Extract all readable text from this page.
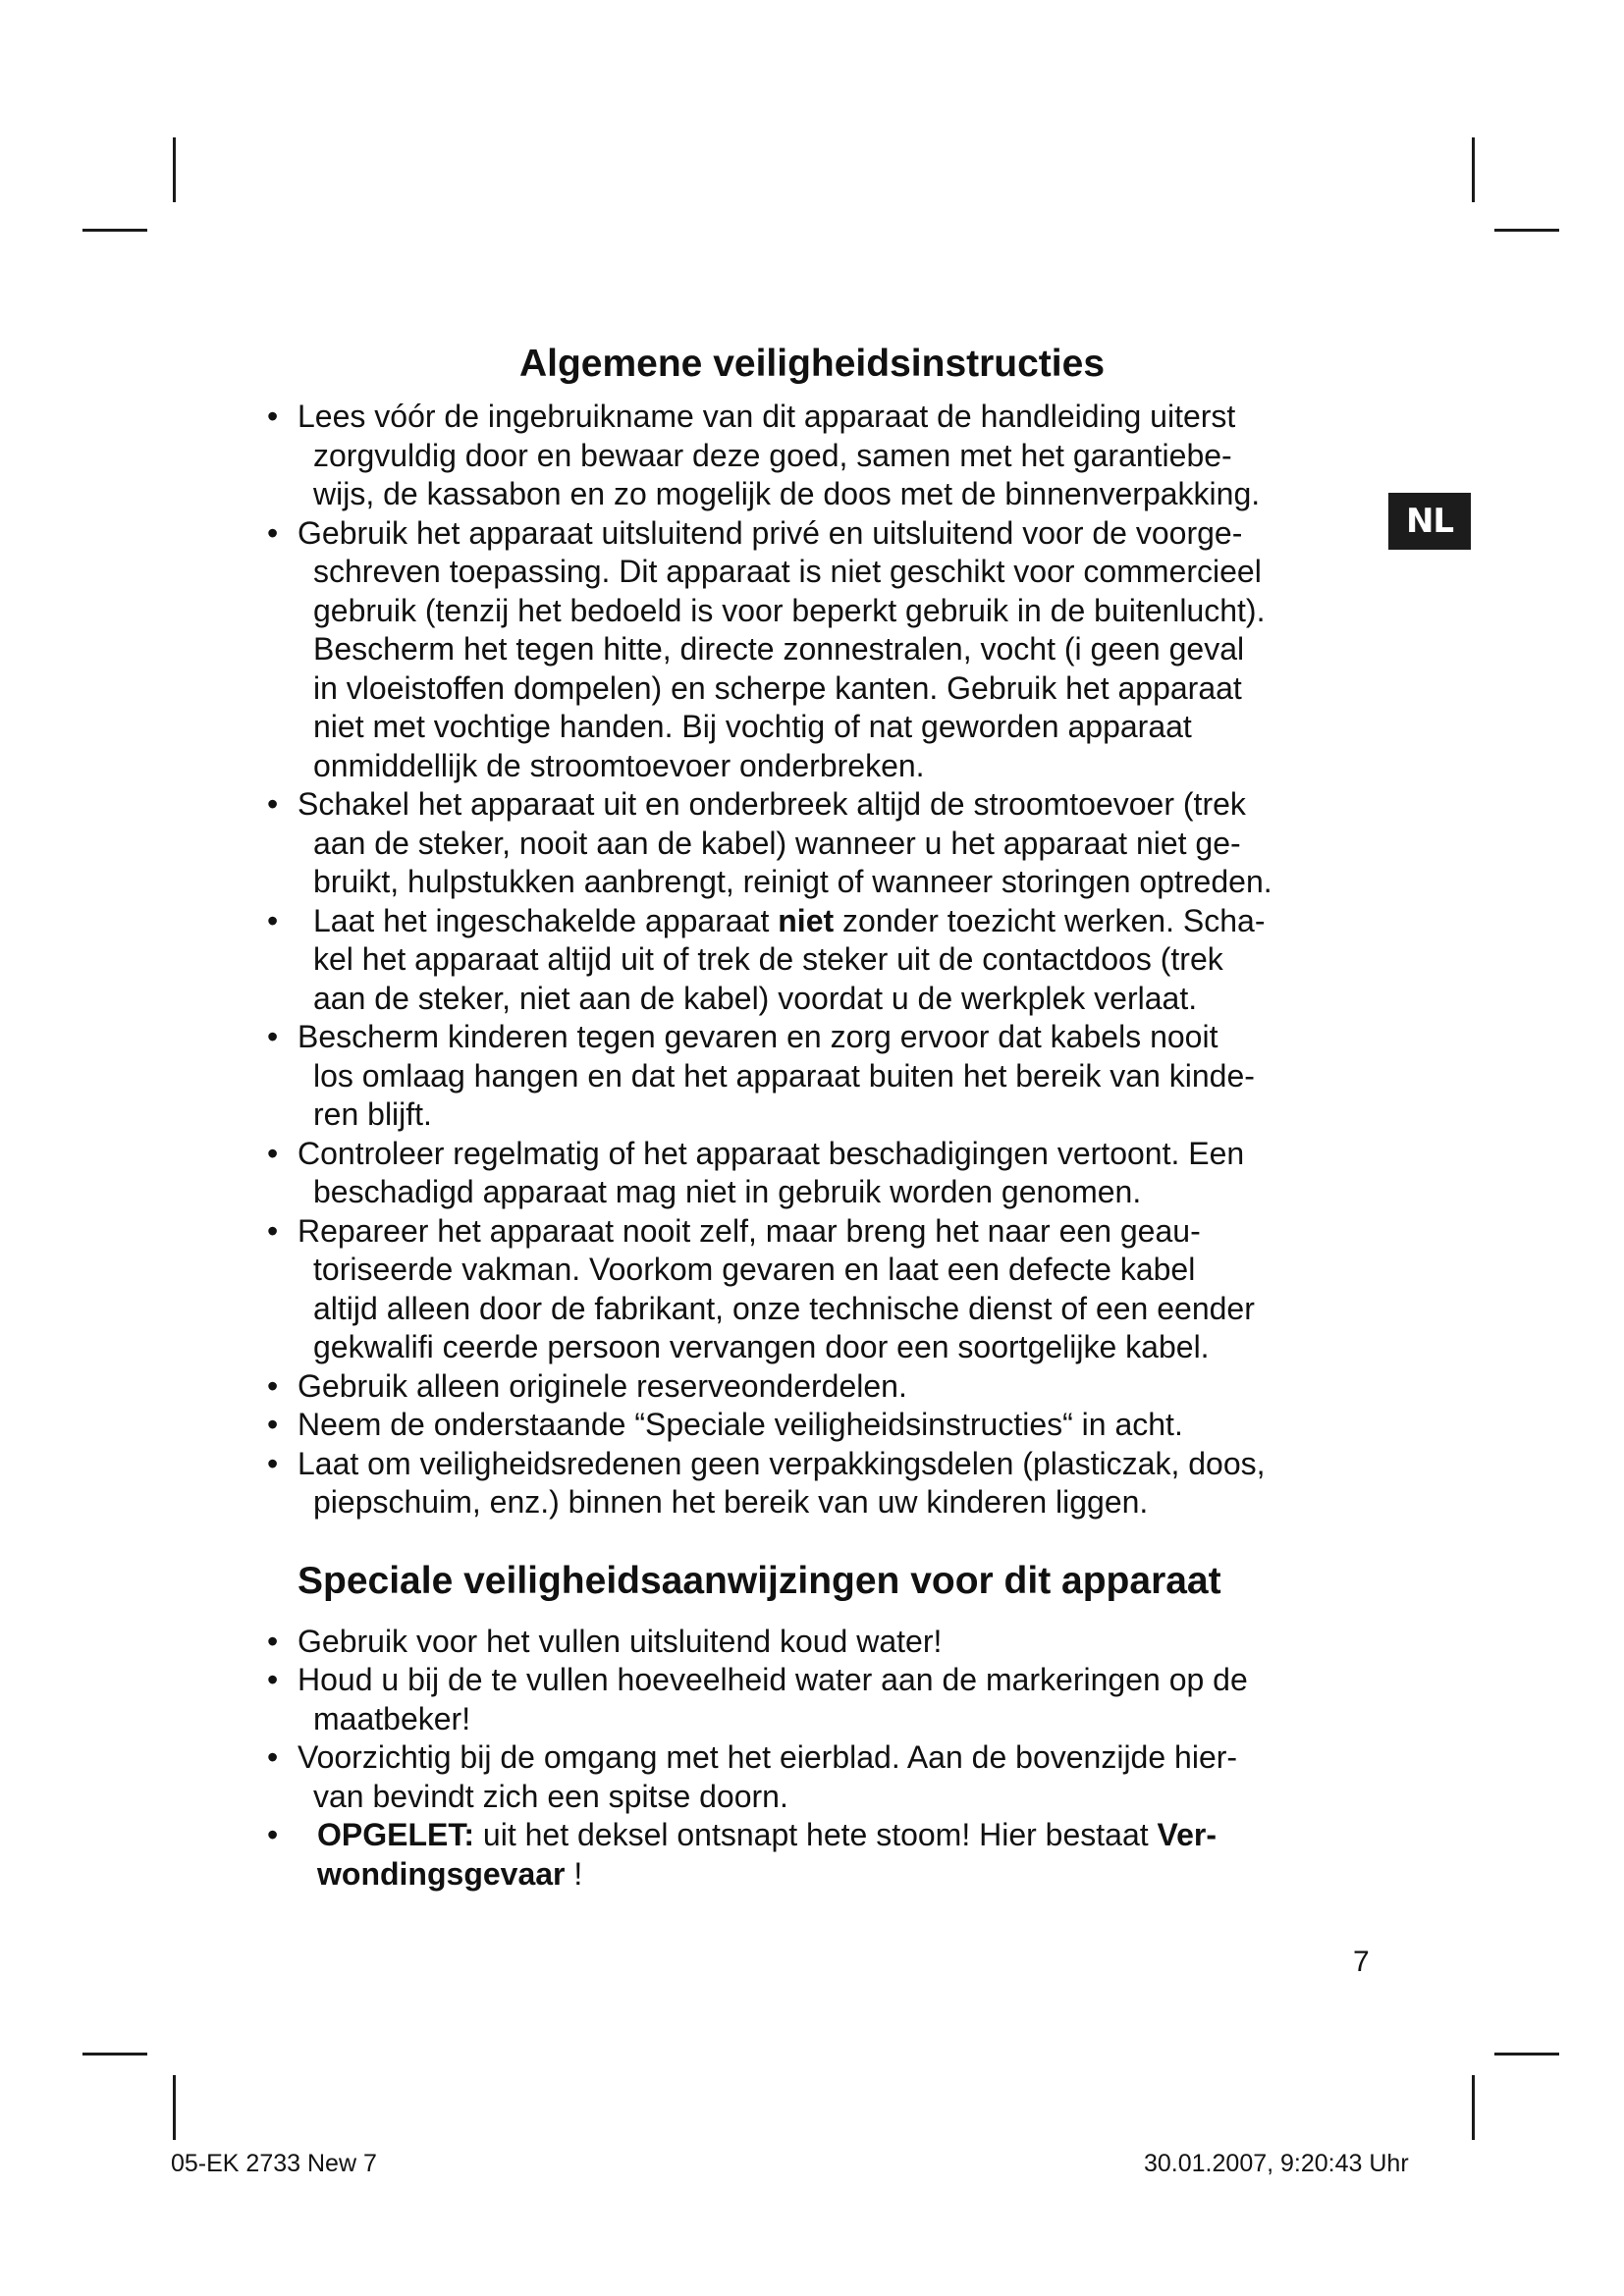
NL
Algemene veiligheidsinstructies
• Lees vóór de ingebruikname van dit apparaat de handleiding uiterst
zorgvuldig door en bewaar deze goed, samen met het garantiebe-
wijs, de kassabon en zo mogelijk de doos met de binnenverpakking.
• Gebruik het apparaat uitsluitend privé en uitsluitend voor de voorge-
schreven toepassing. Dit apparaat is niet geschikt voor commercieel
gebruik (tenzij het bedoeld is voor beperkt gebruik in de buitenlucht).
Bescherm het tegen hitte, directe zonnestralen, vocht (i geen geval
in vloeistoffen dompelen) en scherpe kanten. Gebruik het apparaat
niet met vochtige handen. Bij vochtig of nat geworden apparaat
onmiddellijk de stroomtoevoer onderbreken.
• Schakel het apparaat uit en onderbreek altijd de stroomtoevoer (trek
aan de steker, nooit aan de kabel) wanneer u het apparaat niet ge-
bruikt, hulpstukken aanbrengt, reinigt of wanneer storingen optreden.
• Laat het ingeschakelde apparaat niet zonder toezicht werken. Scha-
kel het apparaat altijd uit of trek de steker uit de contactdoos (trek
aan de steker, niet aan de kabel) voordat u de werkplek verlaat.
• Bescherm kinderen tegen gevaren en zorg ervoor dat kabels nooit
los omlaag hangen en dat het apparaat buiten het bereik van kinde-
ren blijft.
• Controleer regelmatig of het apparaat beschadigingen vertoont. Een
beschadigd apparaat mag niet in gebruik worden genomen.
• Repareer het apparaat nooit zelf, maar breng het naar een geau-
toriseerde vakman. Voorkom gevaren en laat een defecte kabel
altijd alleen door de fabrikant, onze technische dienst of een eender
gekwalifi ceerde persoon vervangen door een soortgelijke kabel.
• Gebruik alleen originele reserveonderdelen.
• Neem de onderstaande “Speciale veiligheidsinstructies“ in acht.
• Laat om veiligheidsredenen geen verpakkingsdelen (plasticzak, doos,
piepschuim, enz.) binnen het bereik van uw kinderen liggen.
Speciale veiligheidsaanwijzingen voor dit apparaat
• Gebruik voor het vullen uitsluitend koud water!
• Houd u bij de te vullen hoeveelheid water aan de markeringen op de
maatbeker!
• Voorzichtig bij de omgang met het eierblad. Aan de bovenzijde hier-
van bevindt zich een spitse doorn.
• OPGELET: uit het deksel ontsnapt hete stoom! Hier bestaat Ver-
wondingsgevaar !
7
05-EK 2733 New 7	30.01.2007, 9:20:43 Uhr
